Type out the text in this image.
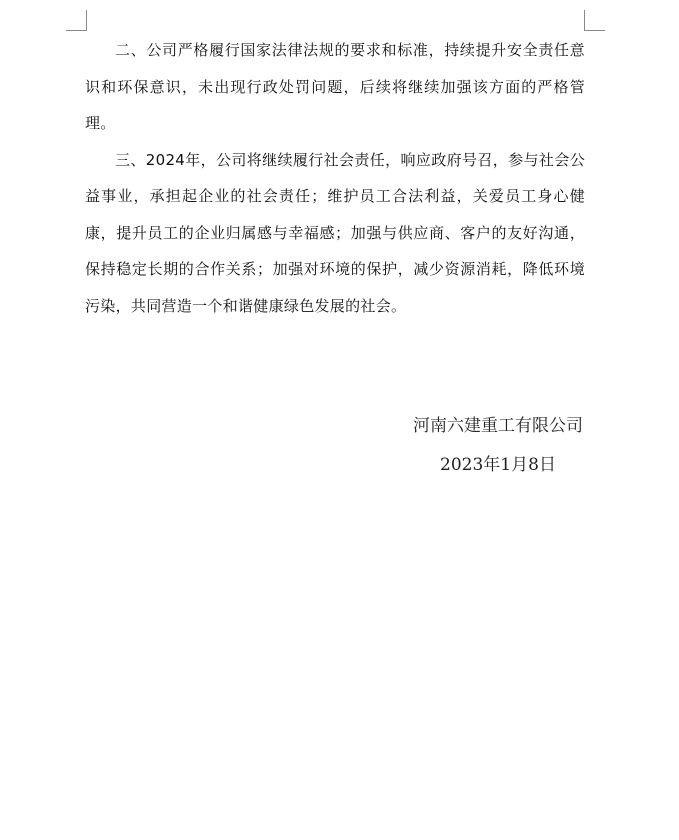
二、公司严格履行国家法律法规的要求和标准，持续提升安全责任意识和环保意识，未出现行政处罚问题，后续将继续加强该方面的严格管理。

三、2024年，公司将继续履行社会责任，响应政府号召，参与社会公益事业，承担起企业的社会责任；维护员工合法利益，关爱员工身心健康，提升员工的企业归属感与幸福感；加强与供应商、客户的友好沟通，保持稳定长期的合作关系；加强对环境的保护，减少资源消耗，降低环境污染，共同营造一个和谐健康绿色发展的社会。

河南六建重工有限公司
2023年1月8日
